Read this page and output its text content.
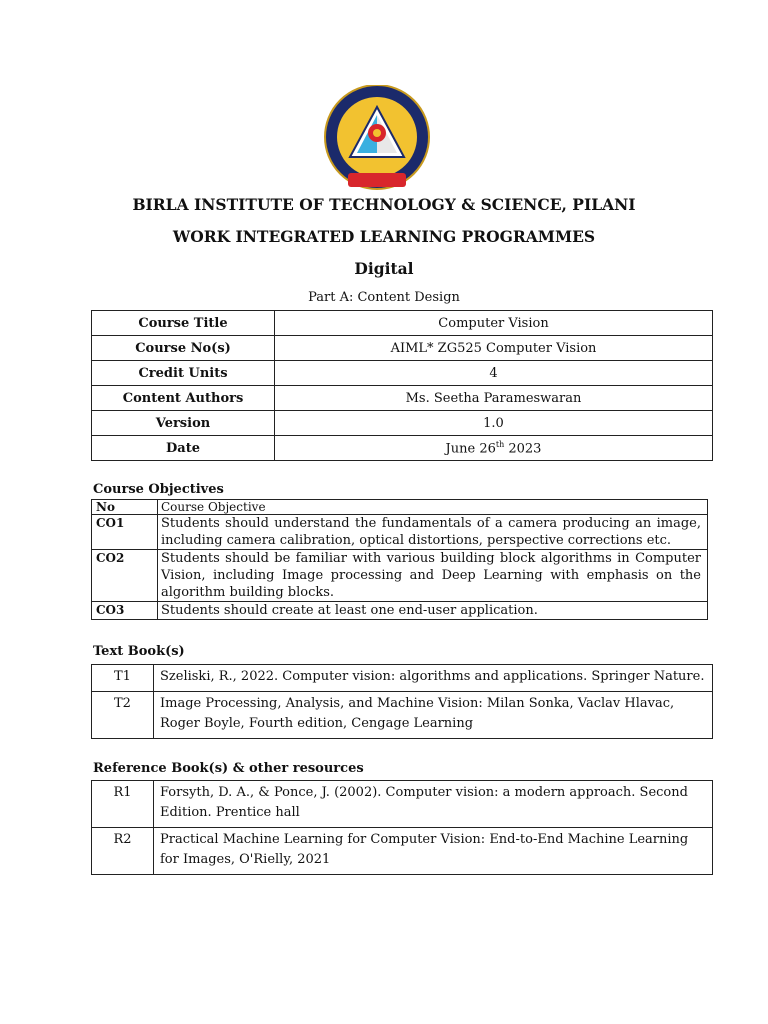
BIRLA INSTITUTE OF TECHNOLOGY & SCIENCE, PILANI
WORK INTEGRATED LEARNING PROGRAMMES
Digital
Part A: Content Design
Course Title	Computer Vision
Course No(s)	AIML* ZG525 Computer Vision
Credit Units	4
Content Authors	Ms. Seetha Parameswaran
Version	1.0
Date	June 26th 2023
Course Objectives
No	Course Objective
CO1	Students should understand the fundamentals of a camera producing an image, including camera calibration, optical distortions, perspective corrections etc.
CO2	Students should be familiar with various building block algorithms in Computer Vision, including Image processing and Deep Learning with emphasis on the algorithm building blocks.
CO3	Students should create at least one end-user application.
Text Book(s)
T1	Szeliski, R., 2022. Computer vision: algorithms and applications. Springer Nature.
T2	Image Processing, Analysis, and Machine Vision: Milan Sonka, Vaclav Hlavac, Roger Boyle, Fourth edition, Cengage Learning
Reference Book(s) & other resources
R1	Forsyth, D. A., & Ponce, J. (2002). Computer vision: a modern approach. Second Edition. Prentice hall
R2	Practical Machine Learning for Computer Vision: End-to-End Machine Learning for Images, O'Rielly, 2021
